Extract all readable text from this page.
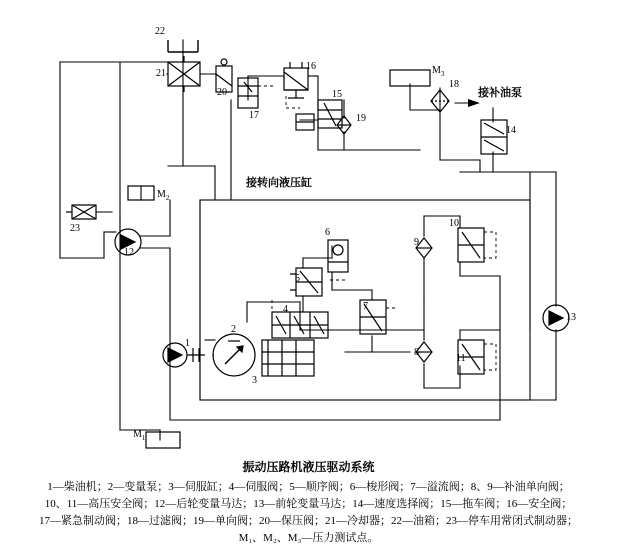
22
21
20
17
16
15
19
18
14
23
12
13
10
9
11
8
7
6
5
4
2
1
3
$M_3$
$M_2$
$M_1$
接补油泵
接转向液压缸
振动压路机液压驱动系统
1—柴油机；2—变量泵；3—伺服缸；4—伺服阀；5—顺序阀；6—梭形阀；7—溢流阀；8、9—补油单向阀；
10、11—高压安全阀；12—后轮变量马达；13—前轮变量马达；14—速度选择阀；15—拖车阀；16—安全阀；
17—紧急制动阀；18—过滤阀；19—单向阀；20—保压阀；21—冷却器；22—油箱；23—停车用常闭式制动器；
M₁、M₂、M₃—压力测试点。
